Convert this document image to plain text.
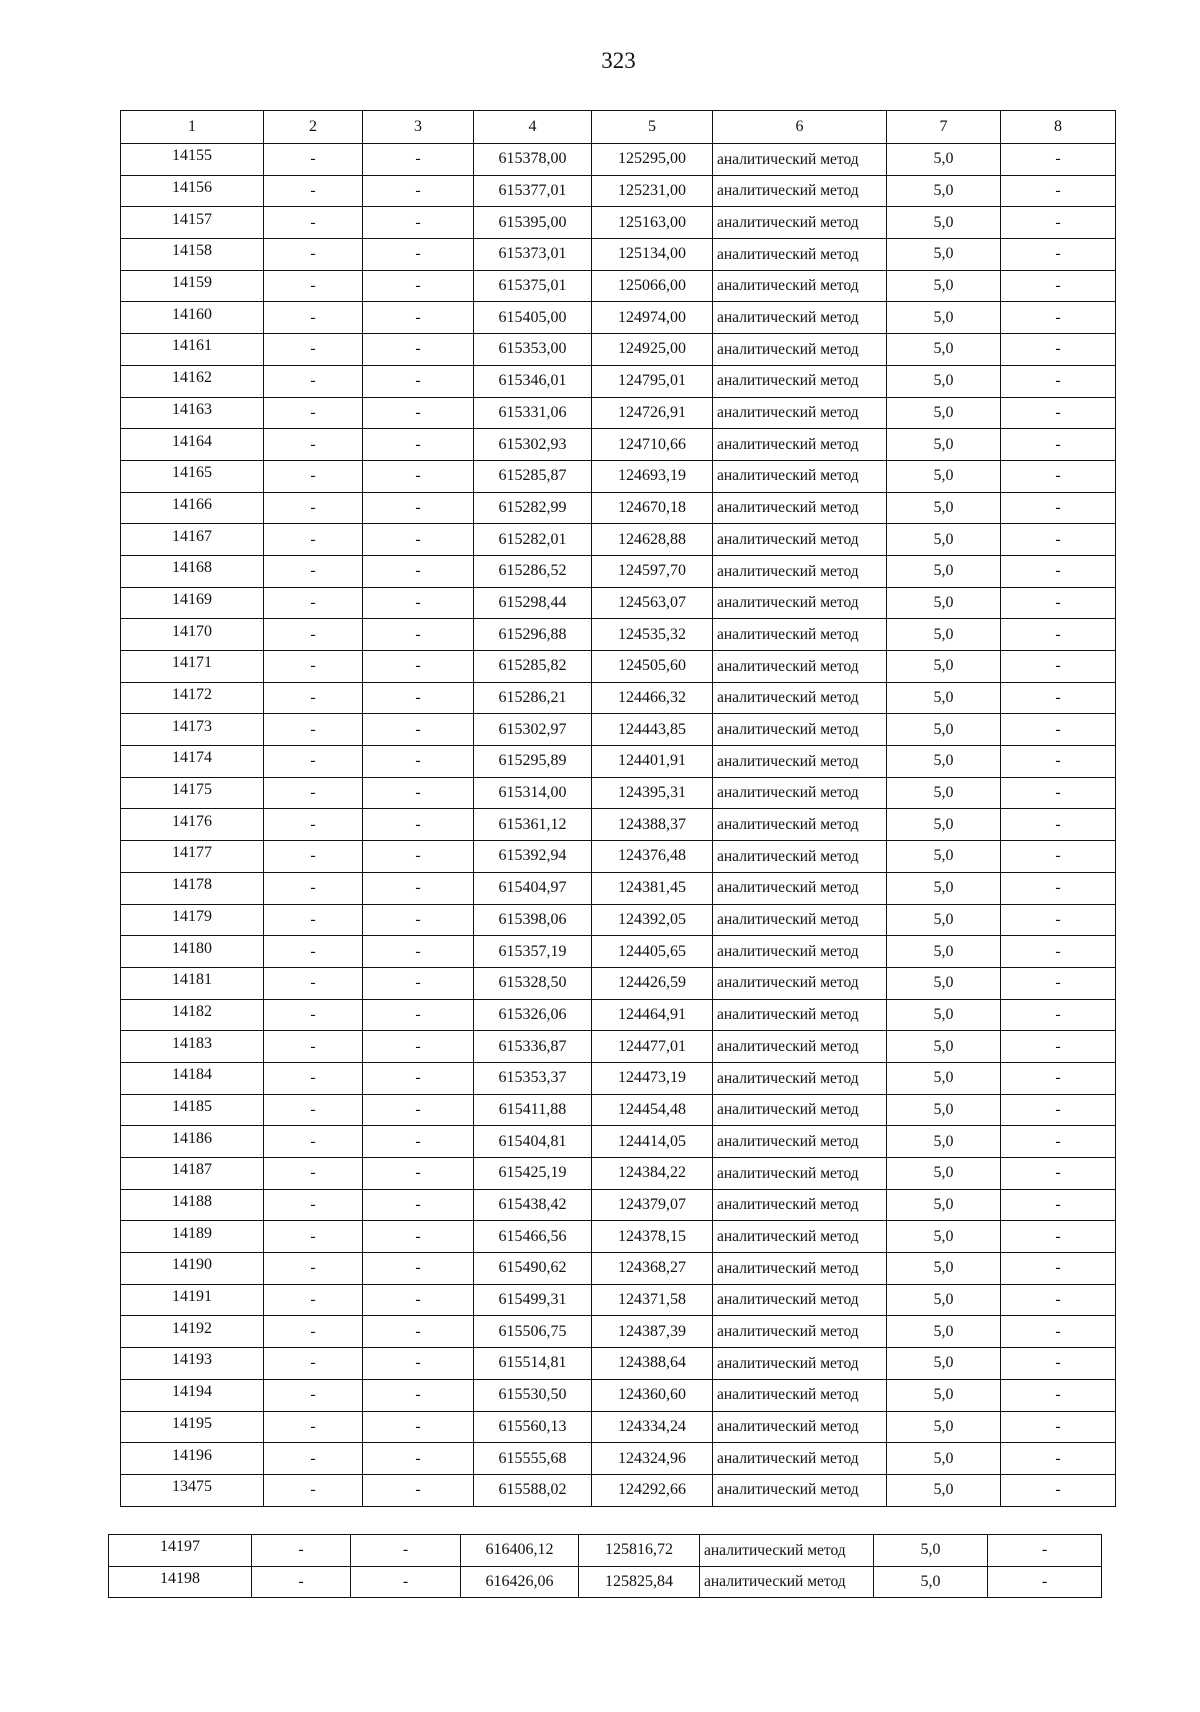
323
1	2	3	4	5	6	7	8
14155	-	-	615378,00	125295,00	аналитический метод	5,0	-
14156	-	-	615377,01	125231,00	аналитический метод	5,0	-
14157	-	-	615395,00	125163,00	аналитический метод	5,0	-
14158	-	-	615373,01	125134,00	аналитический метод	5,0	-
14159	-	-	615375,01	125066,00	аналитический метод	5,0	-
14160	-	-	615405,00	124974,00	аналитический метод	5,0	-
14161	-	-	615353,00	124925,00	аналитический метод	5,0	-
14162	-	-	615346,01	124795,01	аналитический метод	5,0	-
14163	-	-	615331,06	124726,91	аналитический метод	5,0	-
14164	-	-	615302,93	124710,66	аналитический метод	5,0	-
14165	-	-	615285,87	124693,19	аналитический метод	5,0	-
14166	-	-	615282,99	124670,18	аналитический метод	5,0	-
14167	-	-	615282,01	124628,88	аналитический метод	5,0	-
14168	-	-	615286,52	124597,70	аналитический метод	5,0	-
14169	-	-	615298,44	124563,07	аналитический метод	5,0	-
14170	-	-	615296,88	124535,32	аналитический метод	5,0	-
14171	-	-	615285,82	124505,60	аналитический метод	5,0	-
14172	-	-	615286,21	124466,32	аналитический метод	5,0	-
14173	-	-	615302,97	124443,85	аналитический метод	5,0	-
14174	-	-	615295,89	124401,91	аналитический метод	5,0	-
14175	-	-	615314,00	124395,31	аналитический метод	5,0	-
14176	-	-	615361,12	124388,37	аналитический метод	5,0	-
14177	-	-	615392,94	124376,48	аналитический метод	5,0	-
14178	-	-	615404,97	124381,45	аналитический метод	5,0	-
14179	-	-	615398,06	124392,05	аналитический метод	5,0	-
14180	-	-	615357,19	124405,65	аналитический метод	5,0	-
14181	-	-	615328,50	124426,59	аналитический метод	5,0	-
14182	-	-	615326,06	124464,91	аналитический метод	5,0	-
14183	-	-	615336,87	124477,01	аналитический метод	5,0	-
14184	-	-	615353,37	124473,19	аналитический метод	5,0	-
14185	-	-	615411,88	124454,48	аналитический метод	5,0	-
14186	-	-	615404,81	124414,05	аналитический метод	5,0	-
14187	-	-	615425,19	124384,22	аналитический метод	5,0	-
14188	-	-	615438,42	124379,07	аналитический метод	5,0	-
14189	-	-	615466,56	124378,15	аналитический метод	5,0	-
14190	-	-	615490,62	124368,27	аналитический метод	5,0	-
14191	-	-	615499,31	124371,58	аналитический метод	5,0	-
14192	-	-	615506,75	124387,39	аналитический метод	5,0	-
14193	-	-	615514,81	124388,64	аналитический метод	5,0	-
14194	-	-	615530,50	124360,60	аналитический метод	5,0	-
14195	-	-	615560,13	124334,24	аналитический метод	5,0	-
14196	-	-	615555,68	124324,96	аналитический метод	5,0	-
13475	-	-	615588,02	124292,66	аналитический метод	5,0	-
14197	-	-	616406,12	125816,72	аналитический метод	5,0	-
14198	-	-	616426,06	125825,84	аналитический метод	5,0	-
